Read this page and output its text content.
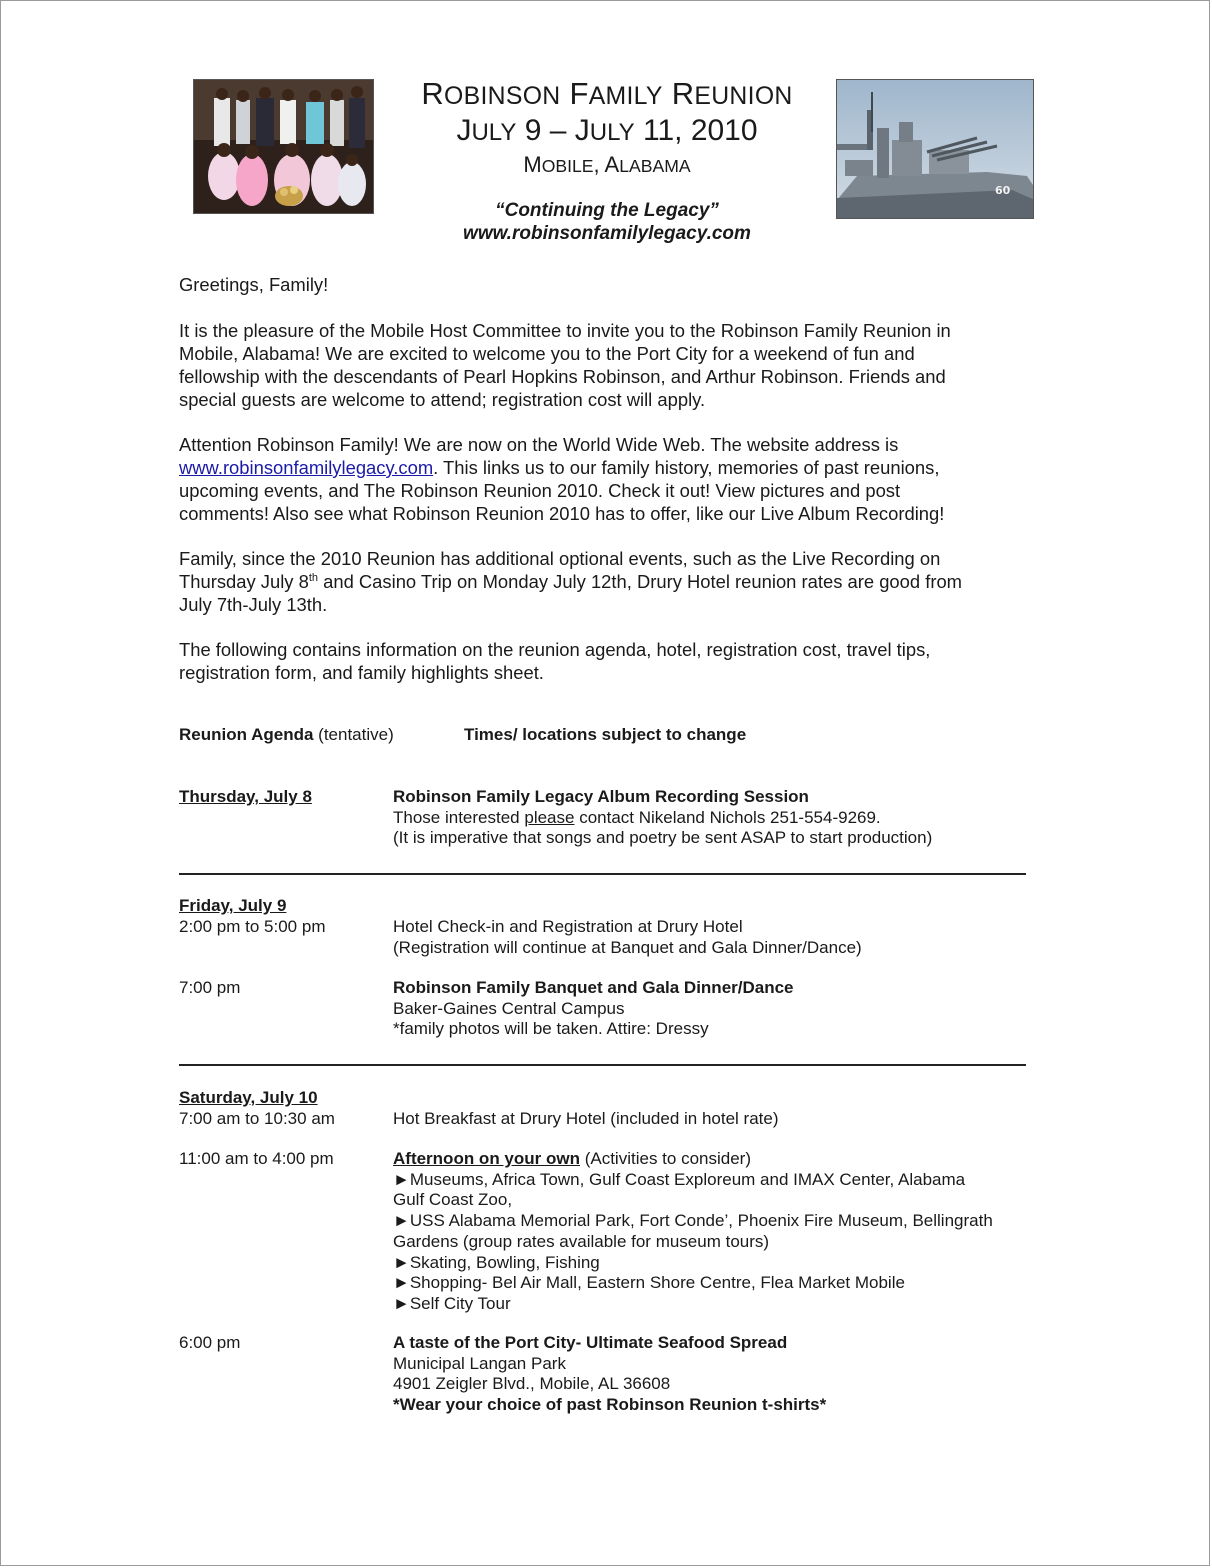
60
ROBINSON FAMILY REUNION
JULY 9 – JULY 11, 2010
MOBILE, ALABAMA
“Continuing the Legacy”
www.robinsonfamilylegacy.com
Greetings, Family!
It is the pleasure of the Mobile Host Committee to invite you to the Robinson Family Reunion in
Mobile, Alabama! We are excited to welcome you to the Port City for a weekend of fun and
fellowship with the descendants of Pearl Hopkins Robinson, and Arthur Robinson. Friends and
special guests are welcome to attend; registration cost will apply.
Attention Robinson Family! We are now on the World Wide Web. The website address is
www.robinsonfamilylegacy.com. This links us to our family history, memories of past reunions,
upcoming events, and The Robinson Reunion 2010. Check it out! View pictures and post
comments! Also see what Robinson Reunion 2010 has to offer, like our Live Album Recording!
Family, since the 2010 Reunion has additional optional events, such as the Live Recording on
Thursday July 8th and Casino Trip on Monday July 12th, Drury Hotel reunion rates are good from
July 7th-July 13th.
The following contains information on the reunion agenda, hotel, registration cost, travel tips,
registration form, and family highlights sheet.
Reunion Agenda (tentative)	Times/ locations subject to change
Thursday, July 8	Robinson Family Legacy Album Recording Session
Those interested please contact Nikeland Nichols 251-554-9269.
(It is imperative that songs and poetry be sent ASAP to start production)
Friday, July 9
2:00 pm to 5:00 pm	Hotel Check-in and Registration at Drury Hotel
(Registration will continue at Banquet and Gala Dinner/Dance)
7:00 pm	Robinson Family Banquet and Gala Dinner/Dance
Baker-Gaines Central Campus
*family photos will be taken. Attire: Dressy
Saturday, July 10
7:00 am to 10:30 am	Hot Breakfast at Drury Hotel (included in hotel rate)
11:00 am to 4:00 pm	Afternoon on your own (Activities to consider)
►Museums, Africa Town, Gulf Coast Exploreum and IMAX Center, Alabama
Gulf Coast Zoo,
►USS Alabama Memorial Park, Fort Conde’, Phoenix Fire Museum, Bellingrath
Gardens (group rates available for museum tours)
►Skating, Bowling, Fishing
►Shopping- Bel Air Mall, Eastern Shore Centre, Flea Market Mobile
►Self City Tour
6:00 pm	A taste of the Port City- Ultimate Seafood Spread
Municipal Langan Park
4901 Zeigler Blvd., Mobile, AL 36608
*Wear your choice of past Robinson Reunion t-shirts*
